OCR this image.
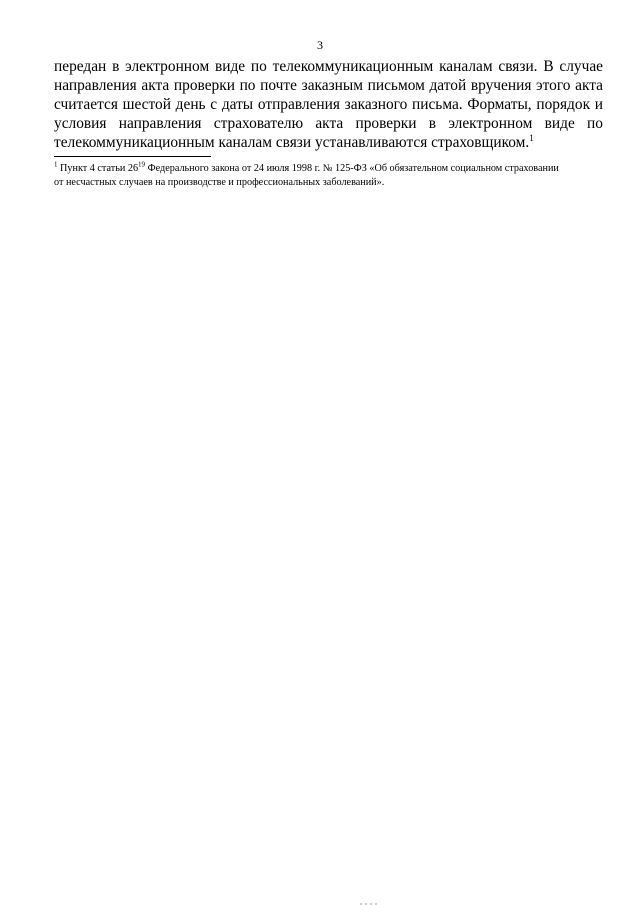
3
передан в электронном виде по телекоммуникационным каналам связи. В случае
направления акта проверки по почте заказным письмом датой вручения этого акта
считается шестой день с даты отправления заказного письма. Форматы, порядок и
условия направления страхователю акта проверки в электронном виде по
телекоммуникационным каналам связи устанавливаются страховщиком.$^1$
$^1$ Пункт 4 статьи $26^{19}$ Федерального закона от 24 июля 1998 г. № 125-ФЗ «Об обязательном социальном страховании
от несчастных случаев на производстве и профессиональных заболеваний».
